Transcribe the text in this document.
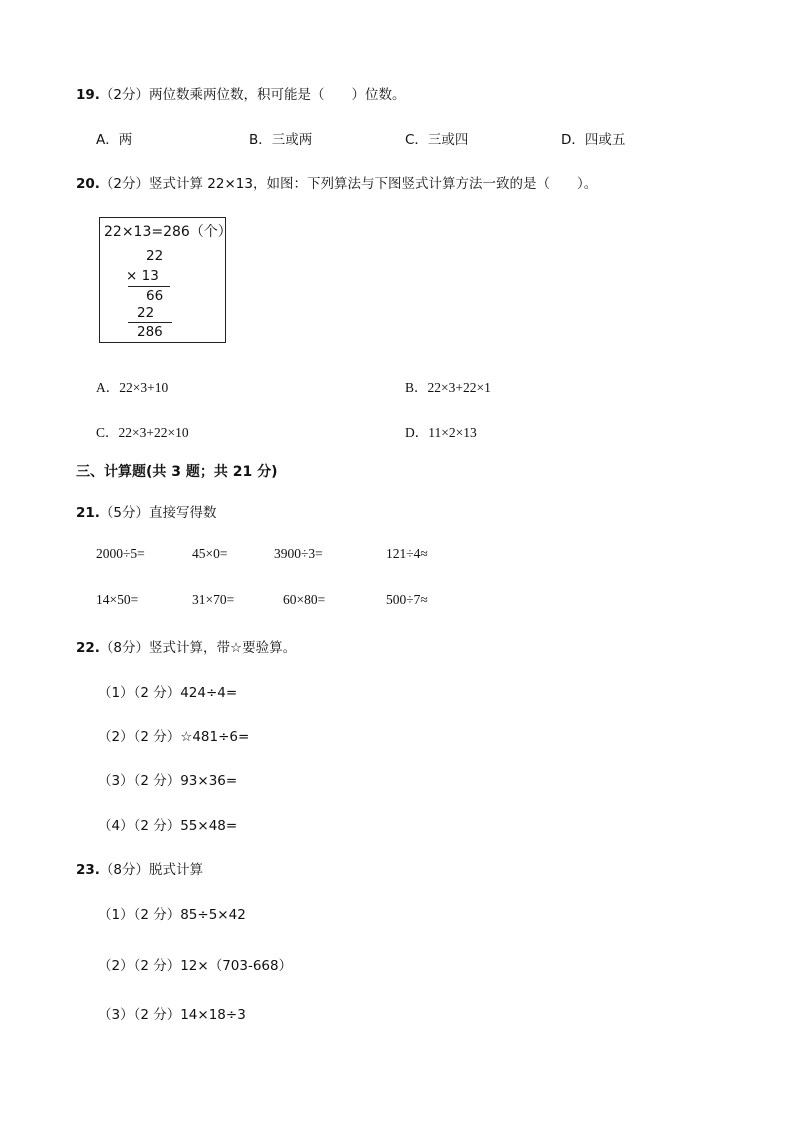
19.（2分）两位数乘两位数，积可能是（　　）位数。
A．两	B．三或两	C．三或四	D．四或五
20.（2分）竖式计算 22×13，如图：下列算法与下图竖式计算方法一致的是（　　）。
22×13=286（个）
22
× 13
66
22
286
A．22×3+10	B．22×3+22×1
C．22×3+22×10	D．11×2×13
三、计算题(共 3 题；共 21 分)
21.（5分）直接写得数
2000÷5=	45×0=	3900÷3=	121÷4≈
14×50=	31×70=	60×80=	500÷7≈
22.（8分）竖式计算，带☆要验算。
（1）（2 分）424÷4=
（2）（2 分）☆481÷6=
（3）（2 分）93×36=
（4）（2 分）55×48=
23.（8分）脱式计算
（1）（2 分）85÷5×42
（2）（2 分）12×（703-668）
（3）（2 分）14×18÷3
